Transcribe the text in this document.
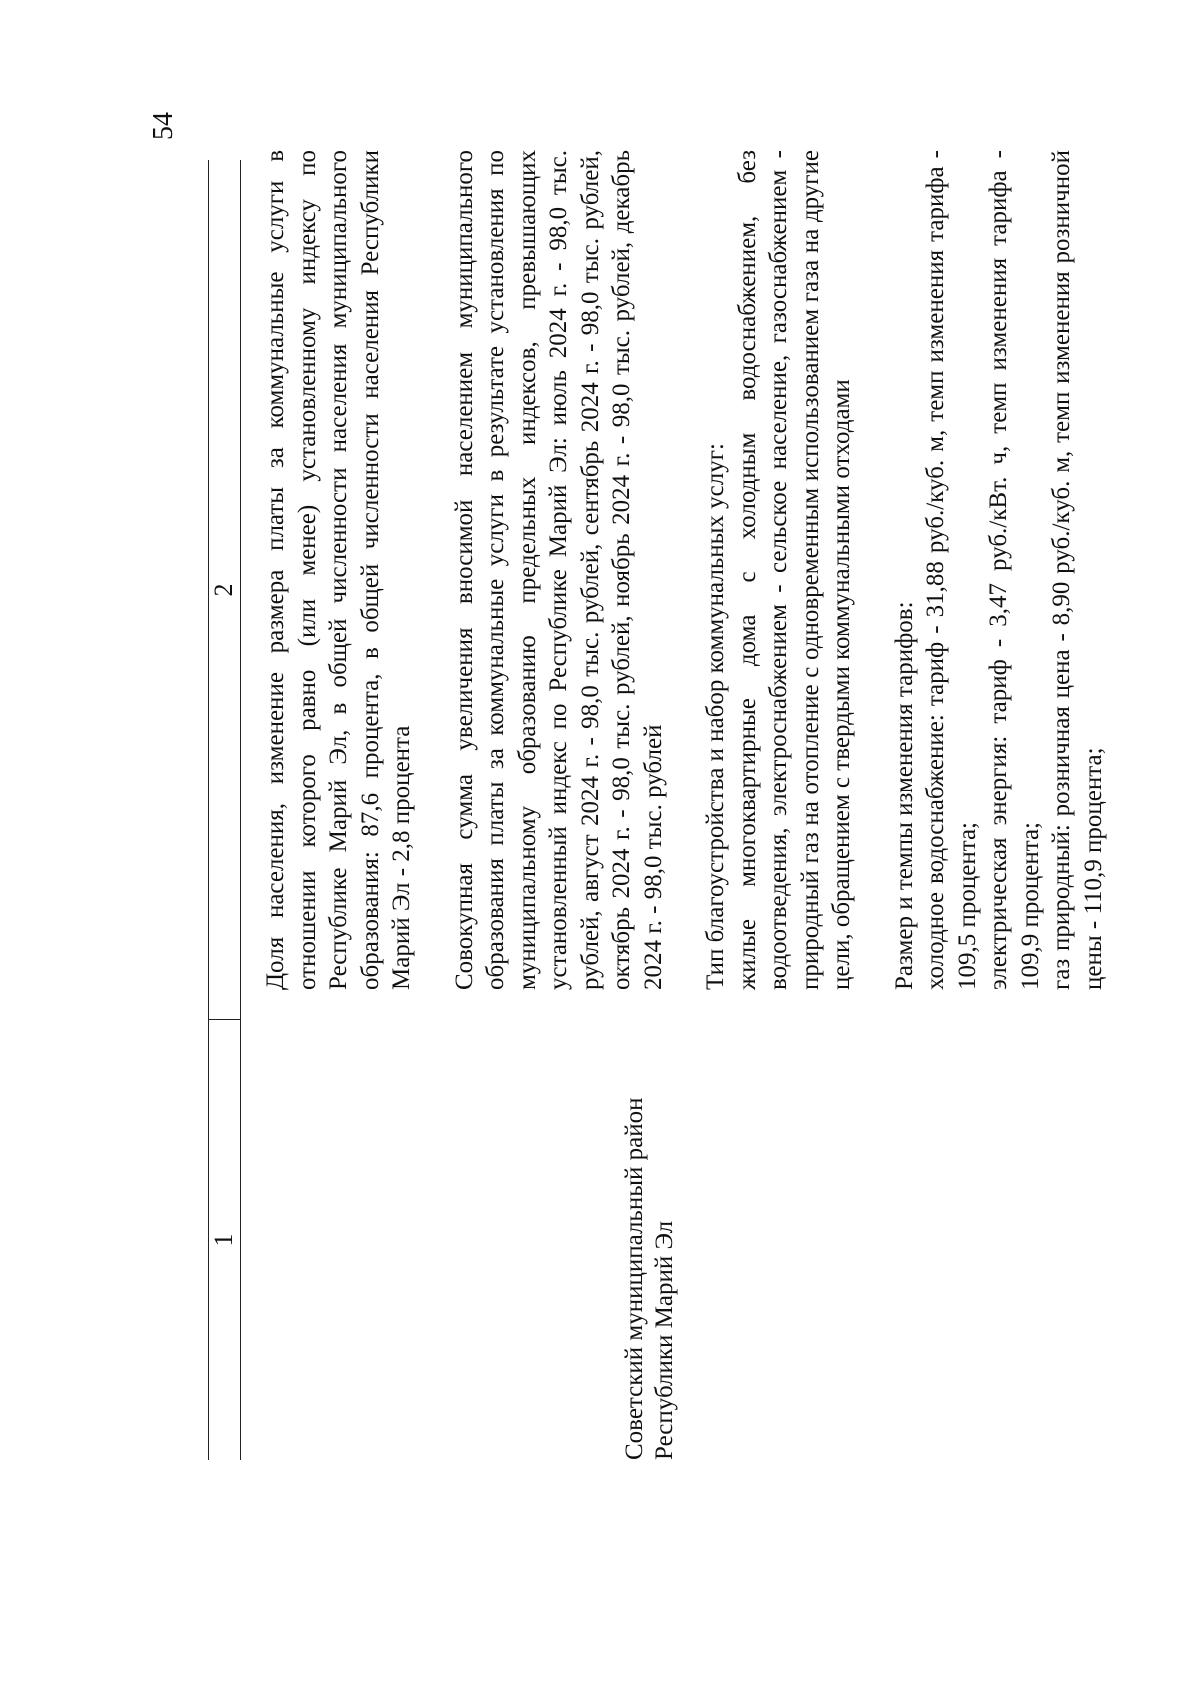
54
1
2
Советский муниципальный район Республики Марий Эл

Доля населения, изменение размера платы за коммунальные услуги в отношении которого равно (или менее) установленному индексу по Республике Марий Эл, в общей численности населения муниципального образования: 87,6 процента, в общей численности населения Республики Марий Эл - 2,8 процента Совокупная сумма увеличения вносимой населением муниципального образования платы за коммунальные услуги в результате установления по муниципальному образованию предельных индексов, превышающих установленный индекс по Республике Марий Эл: июль 2024 г. - 98,0 тыс. рублей, август 2024 г. - 98,0 тыс. рублей, сентябрь 2024 г. - 98,0 тыс. рублей, октябрь 2024 г. - 98,0 тыс. рублей, ноябрь 2024 г. - 98,0 тыс. рублей, декабрь 2024 г. - 98,0 тыс. рублей Тип благоустройства и набор коммунальных услуг: жилые многоквартирные дома с холодным водоснабжением, без водоотведения, электроснабжением - сельское население, газоснабжением - природный газ на отопление с одновременным использованием газа на другие цели, обращением с твердыми коммунальными отходами Размер и темпы изменения тарифов: холодное водоснабжение: тариф - 31,88 руб./куб. м, темп изменения тарифа - 109,5 процента; электрическая энергия: тариф - 3,47 руб./кВт. ч, темп изменения тарифа - 109,9 процента; газ природный: розничная цена - 8,90 руб./куб. м, темп изменения розничной цены - 110,9 процента;
